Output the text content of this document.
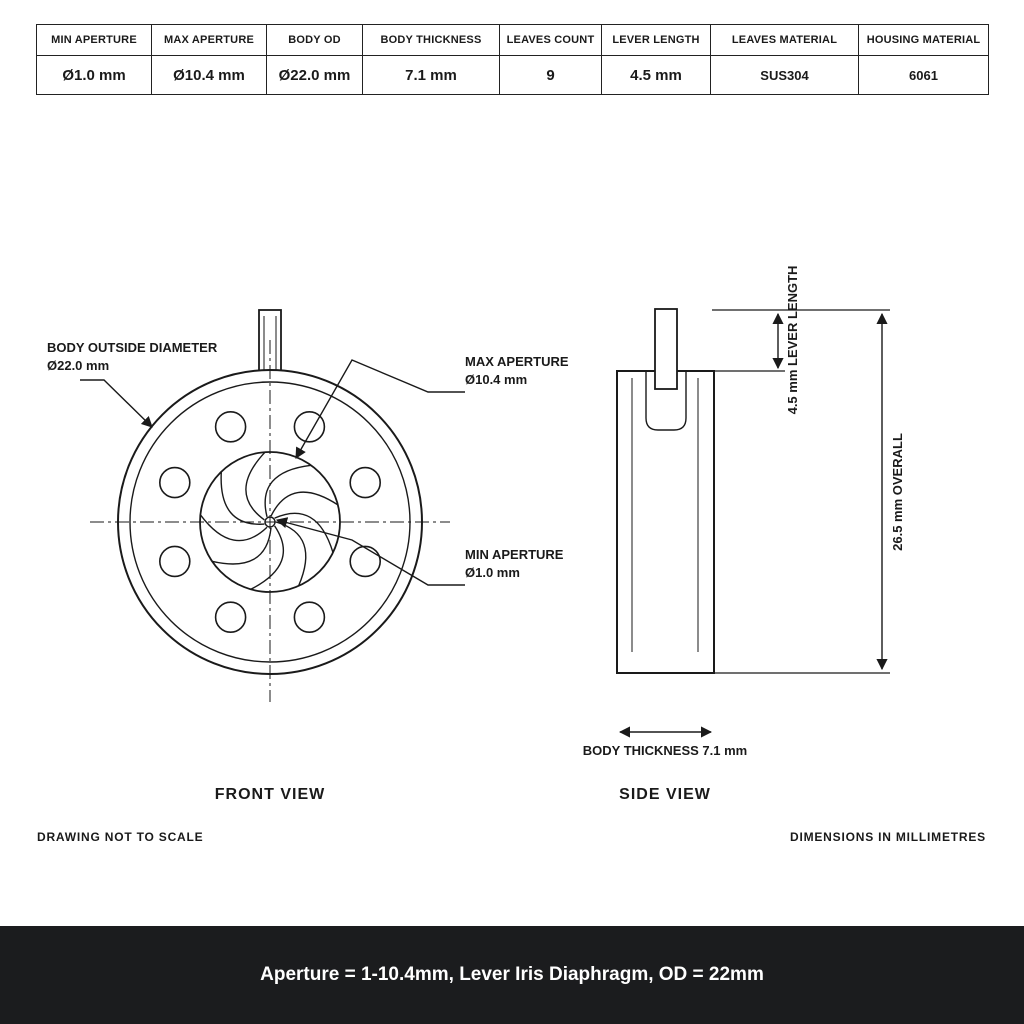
MIN APERTURE	MAX APERTURE	BODY OD	BODY THICKNESS	LEAVES COUNT	LEVER LENGTH	LEAVES MATERIAL	HOUSING MATERIAL
Ø1.0 mm	Ø10.4 mm	Ø22.0 mm	7.1 mm	9	4.5 mm	SUS304	6061
BODY OUTSIDE DIAMETER
Ø22.0 mm	MAX APERTURE
Ø10.4 mm
MIN APERTURE
Ø1.0 mm
FRONT VIEW
4.5 mm LEVER LENGTH
26.5 mm OVERALL
BODY THICKNESS 7.1 mm
SIDE VIEW
DRAWING NOT TO SCALE	DIMENSIONS IN MILLIMETRES
Aperture = 1-10.4mm, Lever Iris Diaphragm, OD = 22mm
